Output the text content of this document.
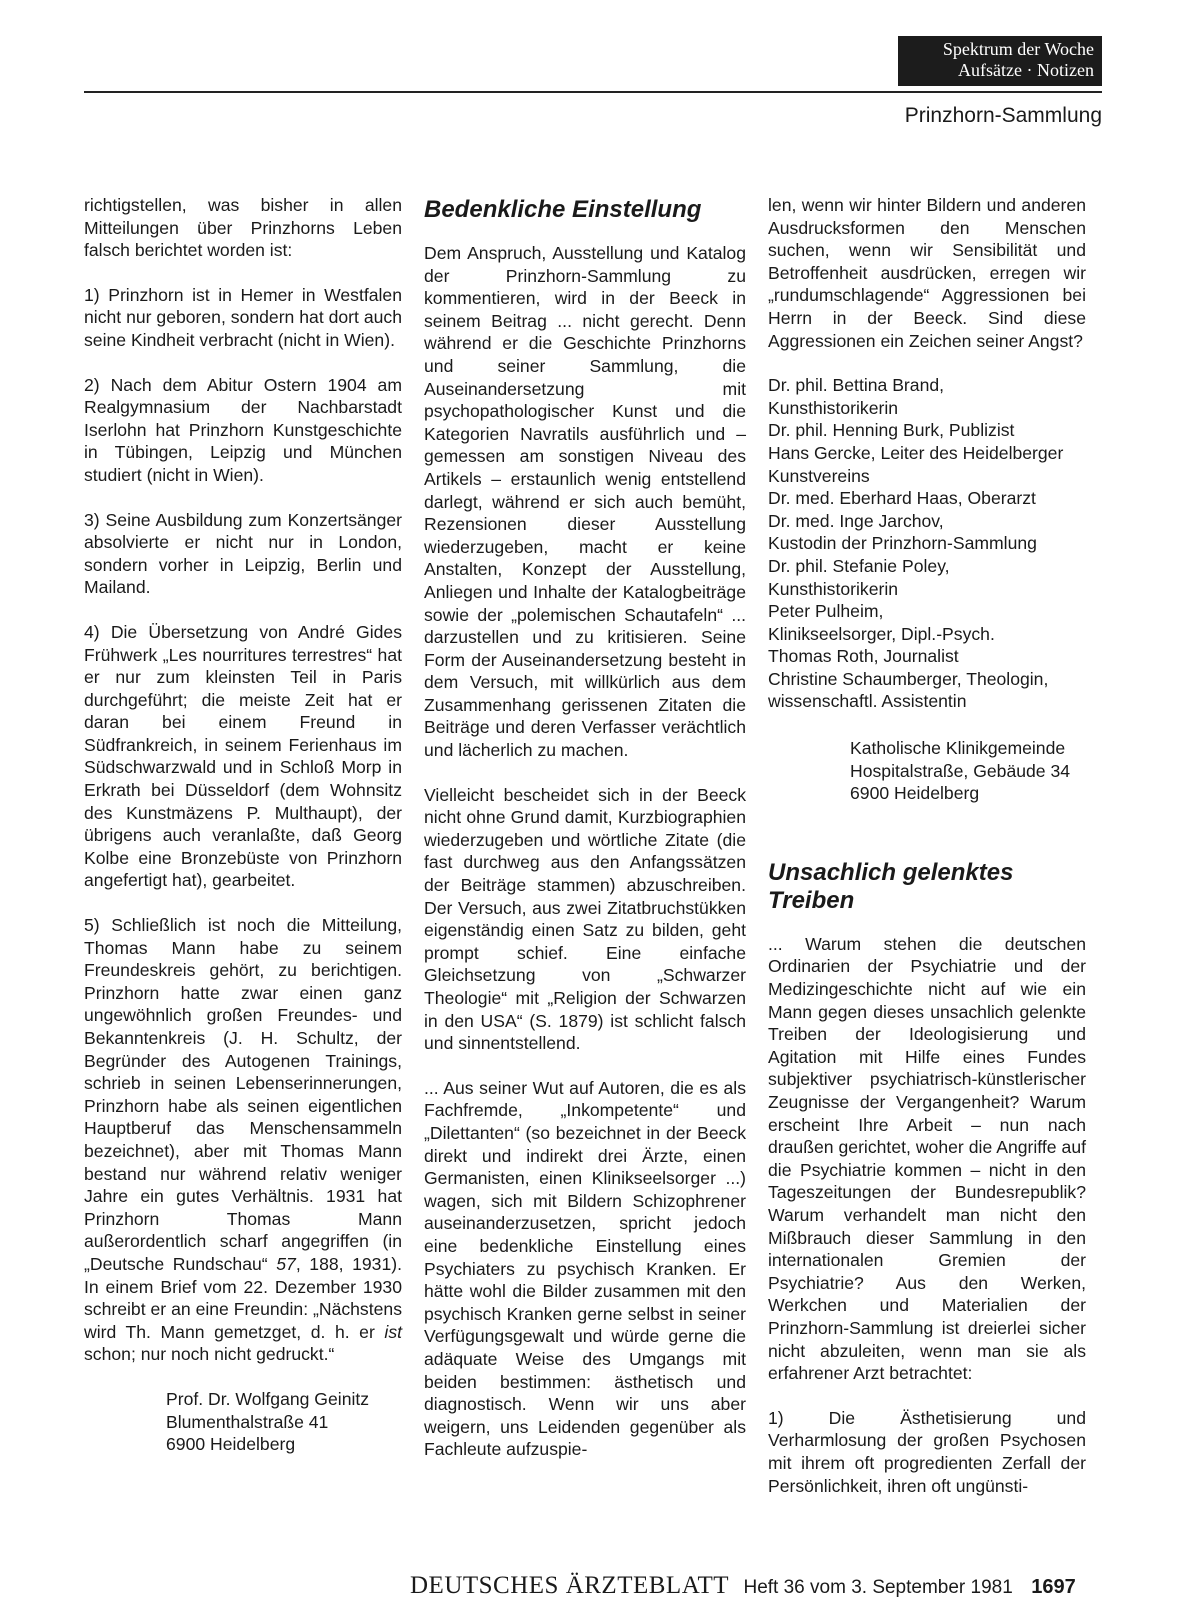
Spektrum der Woche
Aufsätze · Notizen
Prinzhorn-Sammlung

richtigstellen, was bisher in allen Mitteilungen über Prinzhorns Leben falsch berichtet worden ist:

1) Prinzhorn ist in Hemer in Westfalen nicht nur geboren, sondern hat dort auch seine Kindheit verbracht (nicht in Wien).

2) Nach dem Abitur Ostern 1904 am Realgymnasium der Nachbarstadt Iserlohn hat Prinzhorn Kunstgeschichte in Tübingen, Leipzig und München studiert (nicht in Wien).

3) Seine Ausbildung zum Konzertsänger absolvierte er nicht nur in London, sondern vorher in Leipzig, Berlin und Mailand.

4) Die Übersetzung von André Gides Frühwerk „Les nourritures terrestres“ hat er nur zum kleinsten Teil in Paris durchgeführt; die meiste Zeit hat er daran bei einem Freund in Südfrankreich, in seinem Ferienhaus im Südschwarzwald und in Schloß Morp in Erkrath bei Düsseldorf (dem Wohnsitz des Kunstmäzens P. Multhaupt), der übrigens auch veranlaßte, daß Georg Kolbe eine Bronzebüste von Prinzhorn angefertigt hat), gearbeitet.

5) Schließlich ist noch die Mitteilung, Thomas Mann habe zu seinem Freundeskreis gehört, zu berichtigen. Prinzhorn hatte zwar einen ganz ungewöhnlich großen Freundes- und Bekanntenkreis (J. H. Schultz, der Begründer des Autogenen Trainings, schrieb in seinen Lebenserinnerungen, Prinzhorn habe als seinen eigentlichen Hauptberuf das Menschensammeln bezeichnet), aber mit Thomas Mann bestand nur während relativ weniger Jahre ein gutes Verhältnis. 1931 hat Prinzhorn Thomas Mann außerordentlich scharf angegriffen (in „Deutsche Rundschau“ 57, 188, 1931). In einem Brief vom 22. Dezember 1930 schreibt er an eine Freundin: „Nächstens wird Th. Mann gemetzget, d. h. er ist schon; nur noch nicht gedruckt.“

Prof. Dr. Wolfgang Geinitz
Blumenthalstraße 41
6900 Heidelberg
Bedenkliche Einstellung

Dem Anspruch, Ausstellung und Katalog der Prinzhorn-Sammlung zu kommentieren, wird in der Beeck in seinem Beitrag ... nicht gerecht. Denn während er die Geschichte Prinzhorns und seiner Sammlung, die Auseinandersetzung mit psychopathologischer Kunst und die Kategorien Navratils ausführlich und – gemessen am sonstigen Niveau des Artikels – erstaunlich wenig entstellend darlegt, während er sich auch bemüht, Rezensionen dieser Ausstellung wiederzugeben, macht er keine Anstalten, Konzept der Ausstellung, Anliegen und Inhalte der Katalogbeiträge sowie der „polemischen Schautafeln“ ... darzustellen und zu kritisieren. Seine Form der Auseinandersetzung besteht in dem Versuch, mit willkürlich aus dem Zusammenhang gerissenen Zitaten die Beiträge und deren Verfasser verächtlich und lächerlich zu machen.

Vielleicht bescheidet sich in der Beeck nicht ohne Grund damit, Kurzbiographien wiederzugeben und wörtliche Zitate (die fast durchweg aus den Anfangssätzen der Beiträge stammen) abzuschreiben. Der Versuch, aus zwei Zitatbruchstükken eigenständig einen Satz zu bilden, geht prompt schief. Eine einfache Gleichsetzung von „Schwarzer Theologie“ mit „Religion der Schwarzen in den USA“ (S. 1879) ist schlicht falsch und sinnentstellend.

... Aus seiner Wut auf Autoren, die es als Fachfremde, „Inkompetente“ und „Dilettanten“ (so bezeichnet in der Beeck direkt und indirekt drei Ärzte, einen Germanisten, einen Klinikseelsorger ...) wagen, sich mit Bildern Schizophrener auseinanderzusetzen, spricht jedoch eine bedenkliche Einstellung eines Psychiaters zu psychisch Kranken. Er hätte wohl die Bilder zusammen mit den psychisch Kranken gerne selbst in seiner Verfügungsgewalt und würde gerne die adäquate Weise des Umgangs mit beiden bestimmen: ästhetisch und diagnostisch. Wenn wir uns aber weigern, uns Leidenden gegenüber als Fachleute aufzuspie-

len, wenn wir hinter Bildern und anderen Ausdrucksformen den Menschen suchen, wenn wir Sensibilität und Betroffenheit ausdrücken, erregen wir „rundumschlagende“ Aggressionen bei Herrn in der Beeck. Sind diese Aggressionen ein Zeichen seiner Angst?

Dr. phil. Bettina Brand,
Kunsthistorikerin
Dr. phil. Henning Burk, Publizist
Hans Gercke, Leiter des Heidelberger Kunstvereins
Dr. med. Eberhard Haas, Oberarzt
Dr. med. Inge Jarchov,
Kustodin der Prinzhorn-Sammlung
Dr. phil. Stefanie Poley,
Kunsthistorikerin
Peter Pulheim,
Klinikseelsorger, Dipl.-Psych.
Thomas Roth, Journalist
Christine Schaumberger, Theologin,
wissenschaftl. Assistentin
Katholische Klinikgemeinde
Hospitalstraße, Gebäude 34
6900 Heidelberg
Unsachlich gelenktes Treiben

... Warum stehen die deutschen Ordinarien der Psychiatrie und der Medizingeschichte nicht auf wie ein Mann gegen dieses unsachlich gelenkte Treiben der Ideologisierung und Agitation mit Hilfe eines Fundes subjektiver psychiatrisch-künstlerischer Zeugnisse der Vergangenheit? Warum erscheint Ihre Arbeit – nun nach draußen gerichtet, woher die Angriffe auf die Psychiatrie kommen – nicht in den Tageszeitungen der Bundesrepublik? Warum verhandelt man nicht den Mißbrauch dieser Sammlung in den internationalen Gremien der Psychiatrie? Aus den Werken, Werkchen und Materialien der Prinzhorn-Sammlung ist dreierlei sicher nicht abzuleiten, wenn man sie als erfahrener Arzt betrachtet:

1) Die Ästhetisierung und Verharmlosung der großen Psychosen mit ihrem oft progredienten Zerfall der Persönlichkeit, ihren oft ungünsti-

DEUTSCHES ÄRZTEBLATT Heft 36 vom 3. September 1981 1697
